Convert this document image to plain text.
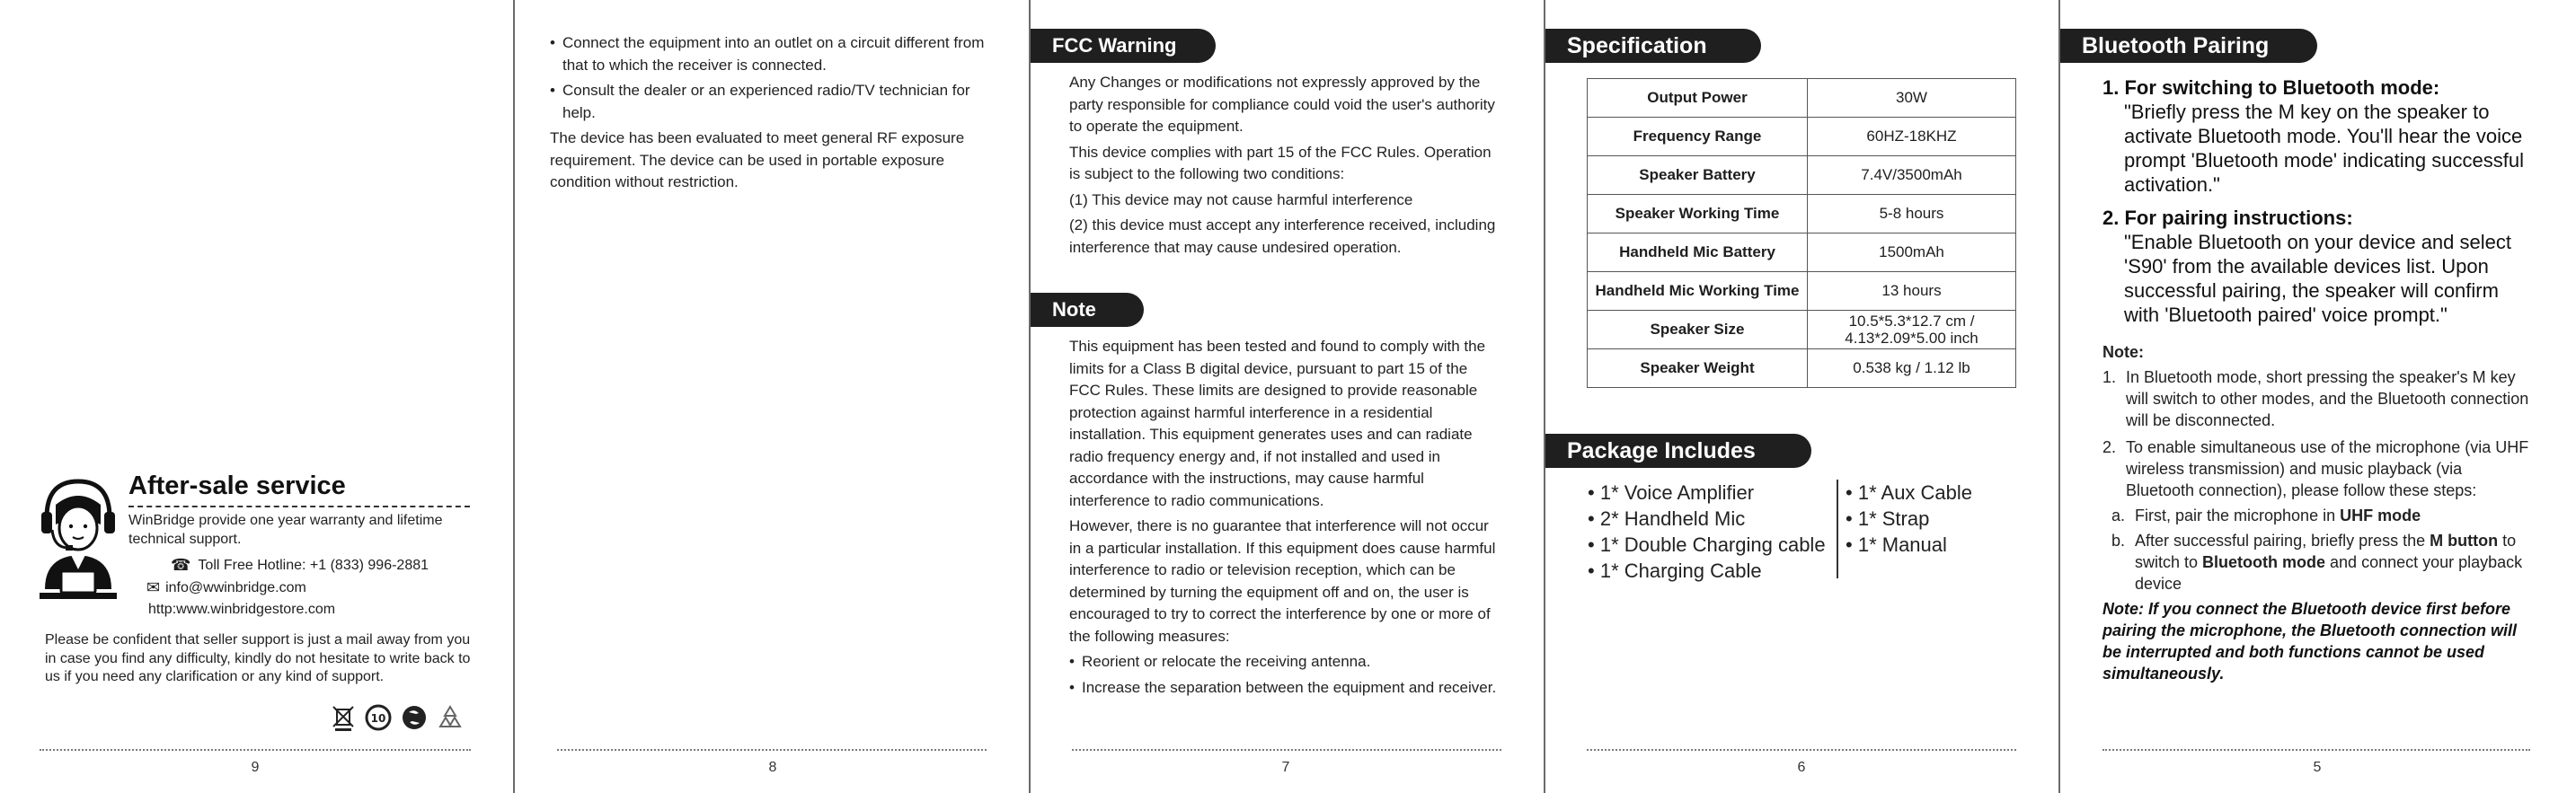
After-sale service
WinBridge provide one year warranty and lifetime technical support.
☎ Toll Free Hotline: +1 (833) 996-2881
✉ info@wwinbridge.com
http:www.winbridgestore.com
Please be confident that seller support is just a mail away from you in case you find any difficulty, kindly do not hesitate to write back to us if you need any clarification or any kind of support.
10
9
• Connect the equipment into an outlet on a circuit different from that to which the receiver is connected.
• Consult the dealer or an experienced radio/TV technician for help.

The device has been evaluated to meet general RF exposure requirement. The device can be used in portable exposure condition without restriction.

8
FCC Warning

Any Changes or modifications not expressly approved by the party responsible for compliance could void the user's authority to operate the equipment.

This device complies with part 15 of the FCC Rules. Operation is subject to the following two conditions:

(1) This device may not cause harmful interference

(2) this device must accept any interference received, including interference that may cause undesired operation.

Note

This equipment has been tested and found to comply with the limits for a Class B digital device, pursuant to part 15 of the FCC Rules. These limits are designed to provide reasonable protection against harmful interference in a residential installation. This equipment generates uses and can radiate radio frequency energy and, if not installed and used in accordance with the instructions, may cause harmful interference to radio communications.

However, there is no guarantee that interference will not occur in a particular installation. If this equipment does cause harmful interference to radio or television reception, which can be determined by turning the equipment off and on, the user is encouraged to try to correct the interference by one or more of the following measures:

• Reorient or relocate the receiving antenna.
• Increase the separation between the equipment and receiver.
7
Specification
Output Power	30W
Frequency Range	60HZ-18KHZ
Speaker Battery	7.4V/3500mAh
Speaker Working Time	5-8 hours
Handheld Mic Battery	1500mAh
Handheld Mic Working Time	13 hours
Speaker Size	10.5*5.3*12.7 cm /
4.13*2.09*5.00 inch

Speaker Weight	0.538 kg / 1.12 lb
Package Includes
• 1* Voice Amplifier
• 2* Handheld Mic
• 1* Double Charging cable
• 1* Charging Cable
• 1* Aux Cable
• 1* Strap
• 1* Manual
6
Bluetooth Pairing
1. For switching to Bluetooth mode:
"Briefly press the M key on the speaker to activate Bluetooth mode. You'll hear the voice prompt 'Bluetooth mode' indicating successful activation."
2. For pairing instructions:
"Enable Bluetooth on your device and select 'S90' from the available devices list. Upon successful pairing, the speaker will confirm with 'Bluetooth paired' voice prompt."
Note:
1. In Bluetooth mode, short pressing the speaker's M key will switch to other modes, and the Bluetooth connection will be disconnected.
2. To enable simultaneous use of the microphone (via UHF wireless transmission) and music playback (via Bluetooth connection), please follow these steps:
a. First, pair the microphone in UHF mode
b. After successful pairing, briefly press the M button to switch to Bluetooth mode and connect your playback device
Note: If you connect the Bluetooth device first before pairing the microphone, the Bluetooth connection will be interrupted and both functions cannot be used simultaneously.
5
